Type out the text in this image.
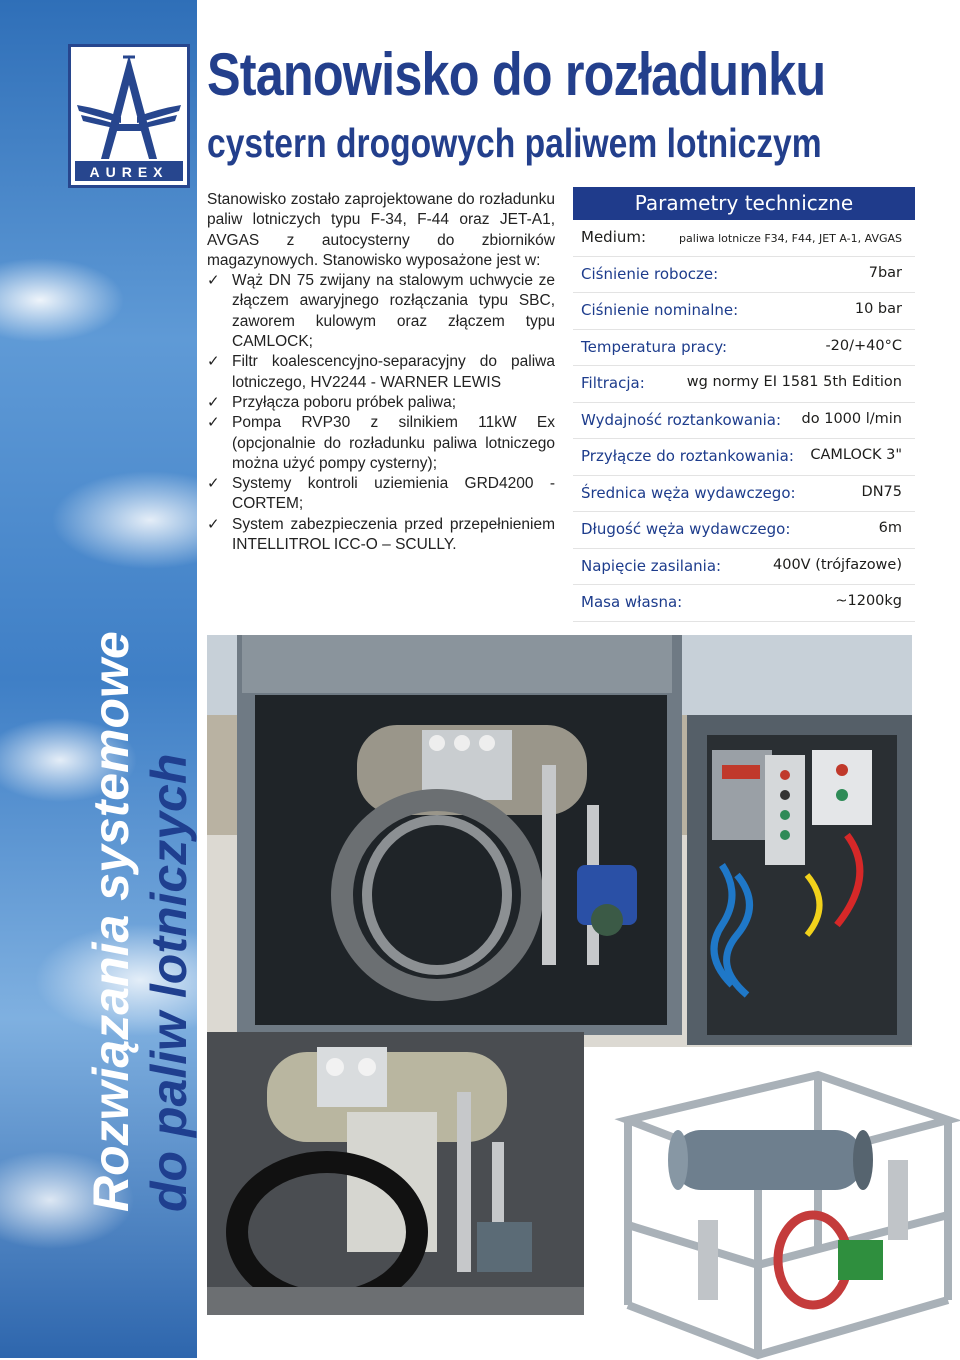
AUREX
Rozwiązania systemowe do paliw lotniczych
Stanowisko do rozładunku
cystern drogowych paliwem lotniczym

Stanowisko zostało zaprojektowane do rozładunku paliw lotniczych typu F-34, F-44 oraz JET-A1, AVGAS z autocysterny do zbiorników magazynowych. Stanowisko wyposażone jest w:

✓ Wąż DN 75 zwijany na stalowym uchwycie ze złączem awaryjnego rozłączania typu SBC, zaworem kulowym oraz złączem typu CAMLOCK;
✓ Filtr koalescencyjno-separacyjny do paliwa lotniczego, HV2244 - WARNER LEWIS
✓ Przyłącza poboru próbek paliwa;
✓ Pompa RVP30 z silnikiem 11kW Ex (opcjonalnie do rozładunku paliwa lotniczego można użyć pompy cysterny);
✓ Systemy kontroli uziemienia GRD4200 - CORTEM;
✓ System zabezpieczenia przed przepełnieniem INTELLITROL ICC-O – SCULLY.
Parametry techniczne
Medium:	paliwa lotnicze F34, F44, JET A-1, AVGAS
Ciśnienie robocze:	7bar
Ciśnienie nominalne:	10 bar
Temperatura pracy:	-20/+40°C
Filtracja:	wg normy EI 1581 5th Edition
Wydajność roztankowania: do 1000 l/min
Przyłącze do roztankowania: CAMLOCK 3"
Średnica węża wydawczego:	DN75
Długość węża wydawczego:	6m
Napięcie zasilania:	400V (trójfazowe)
Masa własna:	~1200kg
